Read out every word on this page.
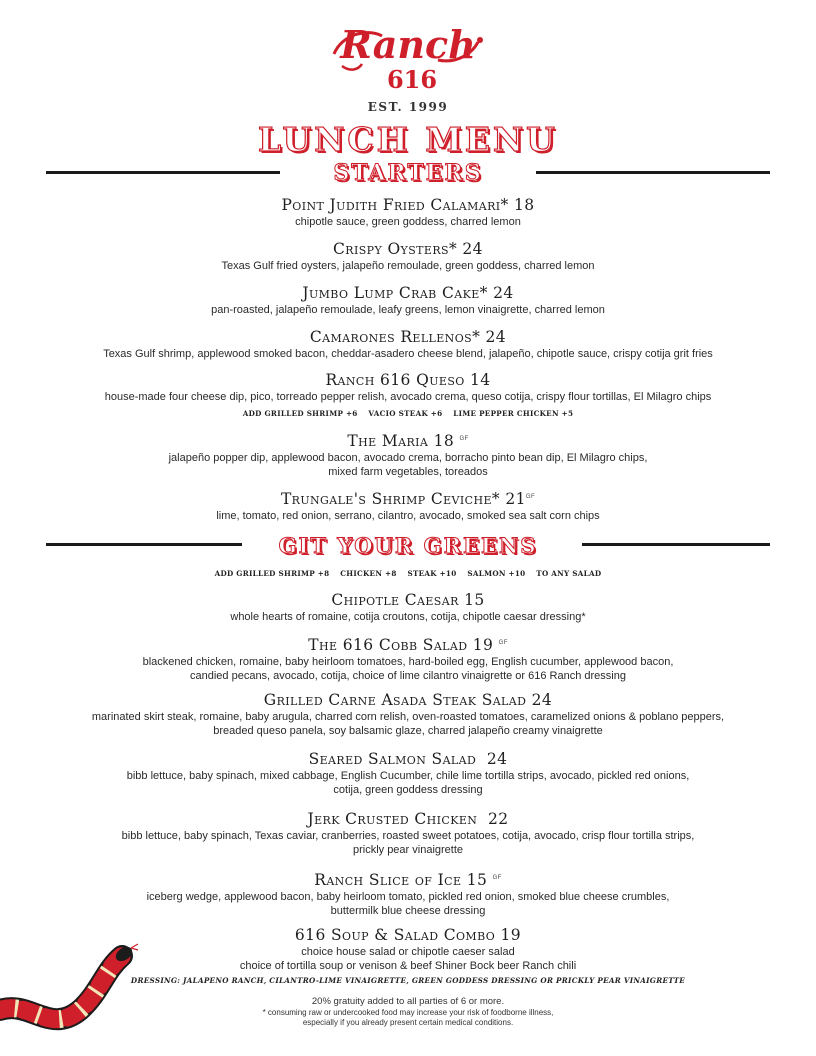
Ranch
616
EST. 1999
LUNCH MENU
STARTERS
Point Judith Fried Calamari* 18
chipotle sauce, green goddess, charred lemon
Crispy Oysters* 24
Texas Gulf fried oysters, jalapeño remoulade, green goddess, charred lemon
Jumbo Lump Crab Cake* 24
pan-roasted, jalapeño remoulade, leafy greens, lemon vinaigrette, charred lemon
Camarones Rellenos* 24
Texas Gulf shrimp, applewood smoked bacon, cheddar-asadero cheese blend, jalapeño, chipotle sauce, crispy cotija grit fries
Ranch 616 Queso 14
house-made four cheese dip, pico, torreado pepper relish, avocado crema, queso cotija, crispy flour tortillas, El Milagro chips
ADD GRILLED SHRIMP +6 VACIO STEAK +6 LIME PEPPER CHICKEN +5
The Maria 18 $^{GF}$
jalapeño popper dip, applewood bacon, avocado crema, borracho pinto bean dip, El Milagro chips,
mixed farm vegetables, toreados
Trungale's Shrimp Ceviche* $21^{GF}$
lime, tomato, red onion, serrano, cilantro, avocado, smoked sea salt corn chips
GIT YOUR GREENS
ADD GRILLED SHRIMP +8 CHICKEN +8 STEAK +10 SALMON +10 TO ANY SALAD
Chipotle Caesar 15
whole hearts of romaine, cotija croutons, cotija, chipotle caesar dressing*
The 616 Cobb Salad 19 $^{GF}$
blackened chicken, romaine, baby heirloom tomatoes, hard-boiled egg, English cucumber, applewood bacon,
candied pecans, avocado, cotija, choice of lime cilantro vinaigrette or 616 Ranch dressing
Grilled Carne Asada Steak Salad 24
marinated skirt steak, romaine, baby arugula, charred corn relish, oven-roasted tomatoes, caramelized onions & poblano peppers,
breaded queso panela, soy balsamic glaze, charred jalapeño creamy vinaigrette
Seared Salmon Salad 24
bibb lettuce, baby spinach, mixed cabbage, English Cucumber, chile lime tortilla strips, avocado, pickled red onions,
cotija, green goddess dressing
Jerk Crusted Chicken 22
bibb lettuce, baby spinach, Texas caviar, cranberries, roasted sweet potatoes, cotija, avocado, crisp flour tortilla strips,
prickly pear vinaigrette
Ranch Slice of Ice 15 $^{GF}$
iceberg wedge, applewood bacon, baby heirloom tomato, pickled red onion, smoked blue cheese crumbles,
buttermilk blue cheese dressing
616 Soup & Salad Combo 19
choice house salad or chipotle caeser salad
choice of tortilla soup or venison & beef Shiner Bock beer Ranch chili
DRESSING: JALAPENO RANCH, CILANTRO-LIME VINAIGRETTE, GREEN GODDESS DRESSING OR PRICKLY PEAR VINAIGRETTE
20% gratuity added to all parties of 6 or more.
* consuming raw or undercooked food may increase your risk of foodborne illness,
especially if you already present certain medical conditions.
